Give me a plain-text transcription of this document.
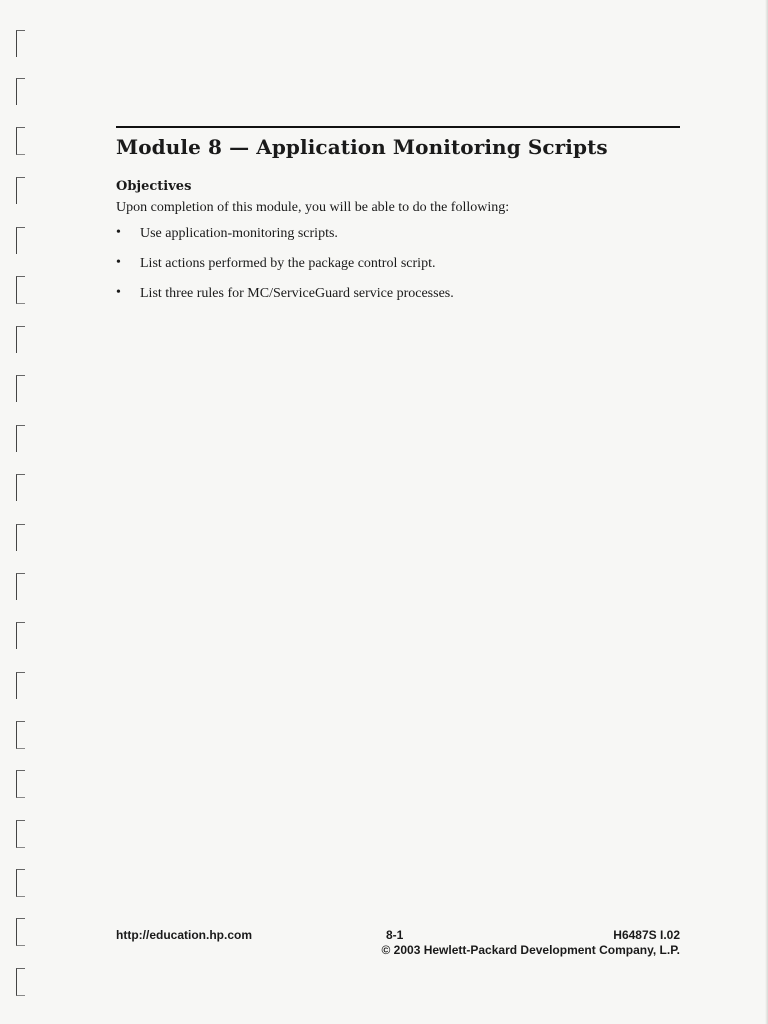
Module 8 — Application Monitoring Scripts
Objectives

Upon completion of this module, you will be able to do the following:

• Use application-monitoring scripts.
• List actions performed by the package control script.
• List three rules for MC/ServiceGuard service processes.
http://education.hp.com	8-1	H6487S I.02
© 2003 Hewlett-Packard Development Company, L.P.
